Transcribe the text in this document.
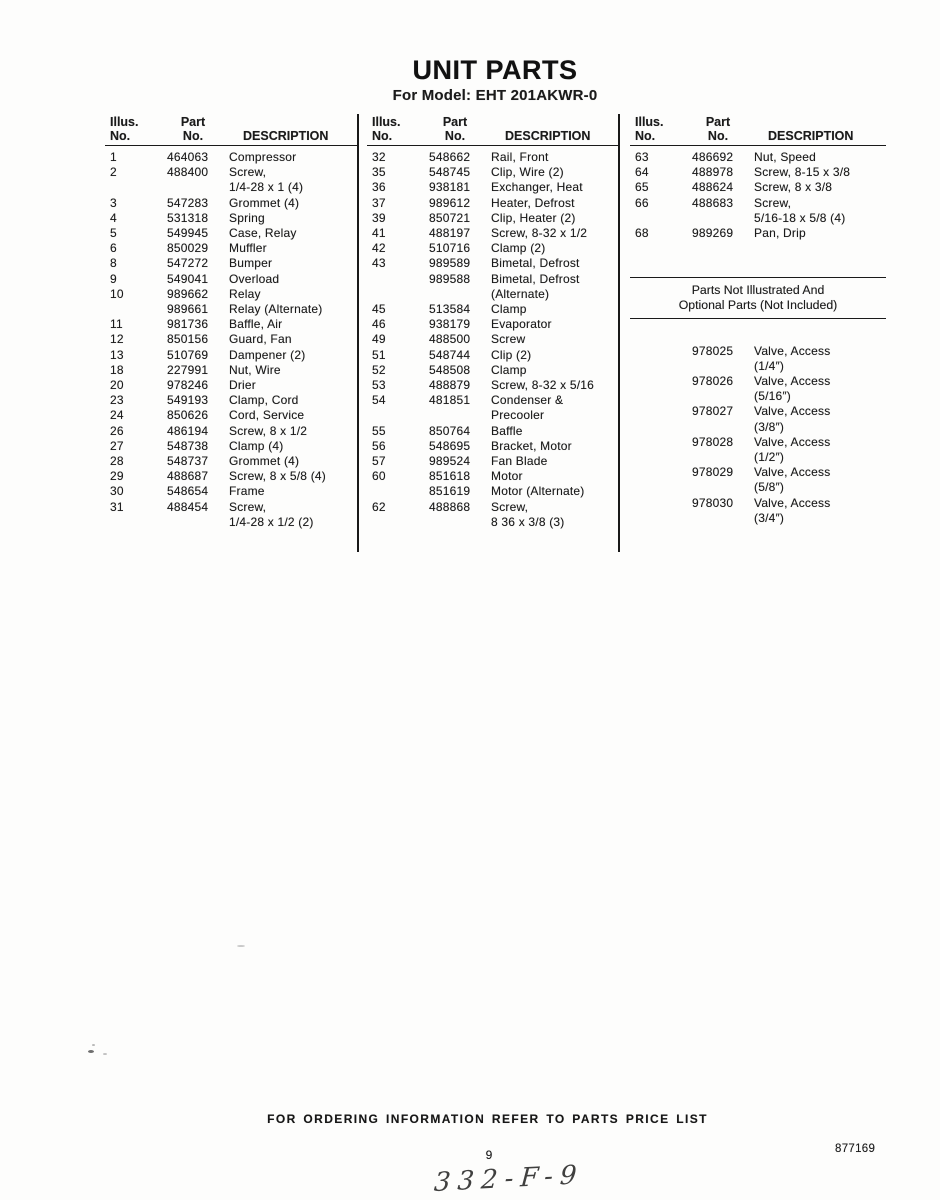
UNIT PARTS
For Model: EHT 201AKWR-0
Illus.
No.
Part
No.	DESCRIPTION
1	464063	Compressor
2	488400	Screw,
1/4-28 x 1 (4)
3	547283	Grommet (4)
4	531318	Spring
5	549945	Case, Relay
6	850029	Muffler
8	547272	Bumper
9	549041	Overload
10	989662	Relay
989661	Relay (Alternate)
11	981736	Baffle, Air
12	850156	Guard, Fan
13	510769	Dampener (2)
18	227991	Nut, Wire
20	978246	Drier
23	549193	Clamp, Cord
24	850626	Cord, Service
26	486194	Screw, 8 x 1/2
27	548738	Clamp (4)
28	548737	Grommet (4)
29	488687	Screw, 8 x 5/8 (4)
30	548654	Frame
31	488454	Screw,
1/4-28 x 1/2 (2)
Illus.
No.
Part
No.	DESCRIPTION
32	548662	Rail, Front
35	548745	Clip, Wire (2)
36	938181	Exchanger, Heat
37	989612	Heater, Defrost
39	850721	Clip, Heater (2)
41	488197	Screw, 8-32 x 1/2
42	510716	Clamp (2)
43	989589	Bimetal, Defrost
989588	Bimetal, Defrost
(Alternate)
45	513584	Clamp
46	938179	Evaporator
49	488500	Screw
51	548744	Clip (2)
52	548508	Clamp
53	488879	Screw, 8-32 x 5/16
54	481851	Condenser &
Precooler
55	850764	Baffle
56	548695	Bracket, Motor
57	989524	Fan Blade
60	851618	Motor
851619	Motor (Alternate)
62	488868	Screw,
8 36 x 3/8 (3)
Illus.
No.
Part
No.	DESCRIPTION
63	486692	Nut, Speed
64	488978	Screw, 8-15 x 3/8
65	488624	Screw, 8 x 3/8
66	488683	Screw,
5/16-18 x 5/8 (4)
68	989269	Pan, Drip
Parts Not Illustrated And
Optional Parts (Not Included)
978025	Valve, Access
(1/4″)
978026	Valve, Access
(5/16″)
978027	Valve, Access
(3/8″)
978028	Valve, Access
(1/2″)
978029	Valve, Access
(5/8″)
978030	Valve, Access
(3/4″)
FOR ORDERING INFORMATION REFER TO PARTS PRICE LIST
9	877169
332-F-9
